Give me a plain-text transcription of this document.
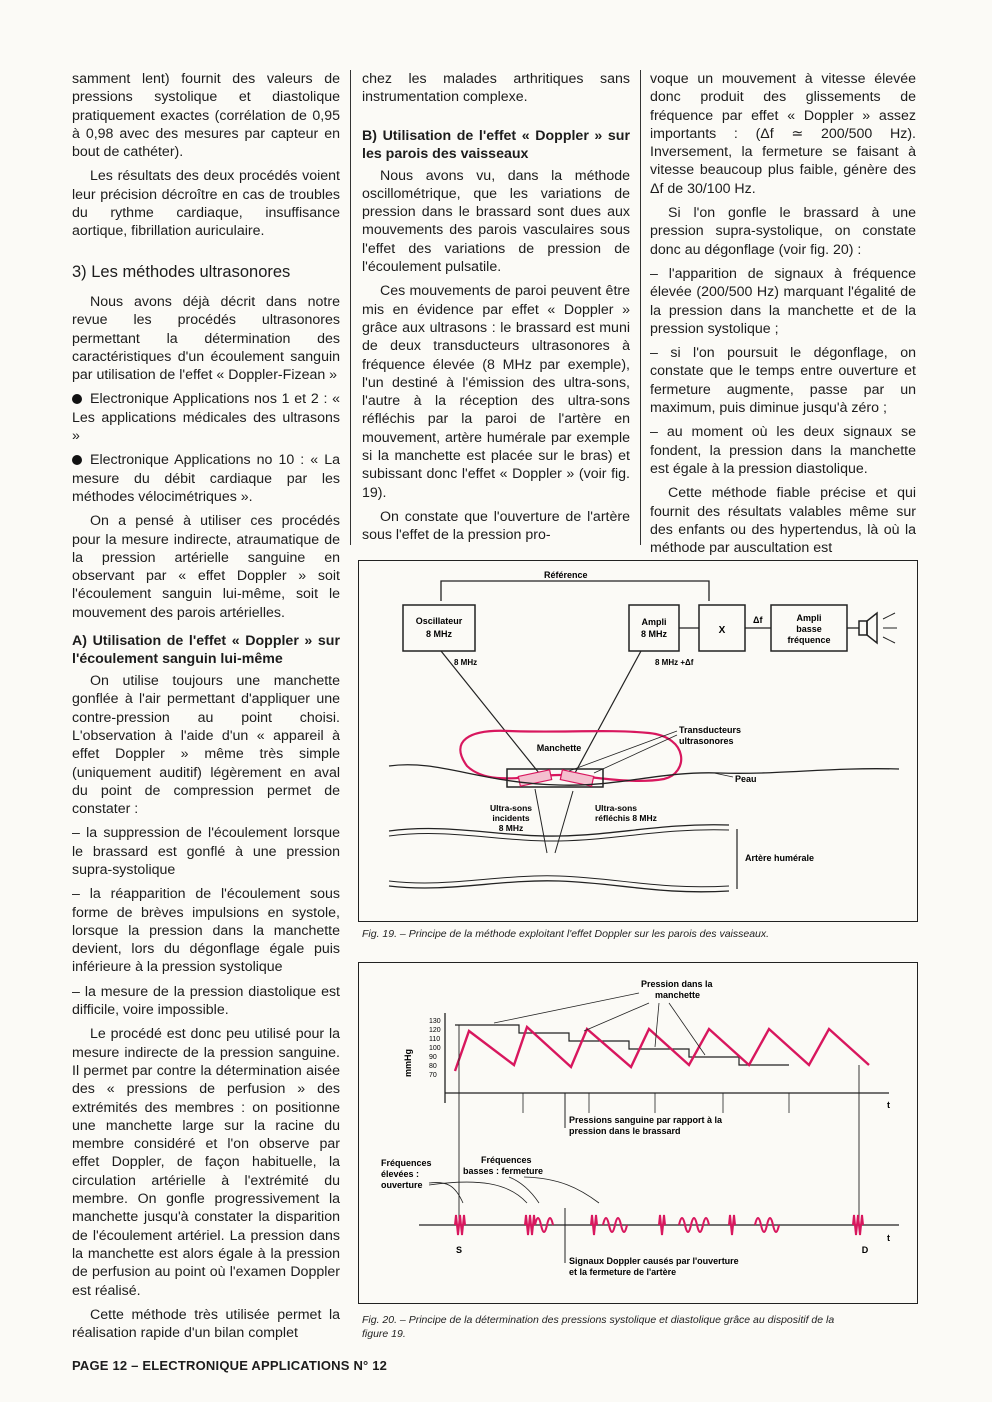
samment lent) fournit des valeurs de pressions systolique et diastolique pratiquement exactes (corrélation de 0,95 à 0,98 avec des mesures par capteur en bout de cathéter).

Les résultats des deux procédés voient leur précision décroître en cas de troubles du rythme cardiaque, insuffisance aortique, fibrillation auriculaire.

3) Les méthodes ultrasonores

Nous avons déjà décrit dans notre revue les procédés ultrasonores permettant la détermination des caractéristiques d'un écoulement sanguin par utilisation de l'effet « Doppler-Fizean »

Electronique Applications nos 1 et 2 : « Les applications médicales des ultrasons »

Electronique Applications no 10 : « La mesure du débit cardiaque par les méthodes vélocimétriques ».

On a pensé à utiliser ces procédés pour la mesure indirecte, atraumatique de la pression artérielle sanguine en observant par « effet Doppler » soit l'écoulement sanguin lui-même, soit le mouvement des parois artérielles.

A) Utilisation de l'effet « Doppler » sur l'écoulement sanguin lui-même

On utilise toujours une manchette gonflée à l'air permettant d'appliquer une contre-pression au point choisi. L'observation à l'aide d'un « appareil à effet Doppler » même très simple (uniquement auditif) légèrement en aval du point de compression permet de constater :

– la suppression de l'écoulement lorsque le brassard est gonflé à une pression supra-systolique

– la réapparition de l'écoulement sous forme de brèves impulsions en systole, lorsque la pression dans la manchette devient, lors du dégonflage égale puis inférieure à la pression systolique

– la mesure de la pression diastolique est difficile, voire impossible.

Le procédé est donc peu utilisé pour la mesure indirecte de la pression sanguine. Il permet par contre la détermination aisée des « pressions de perfusion » des extrémités des membres : on positionne une manchette large sur la racine du membre considéré et l'on observe par effet Doppler, de façon habituelle, la circulation artérielle à l'extrémité du membre. On gonfle progressivement la manchette jusqu'à constater la disparition de l'écoulement artériel. La pression dans la manchette est alors égale à la pression de perfusion au point où l'examen Doppler est réalisé.

Cette méthode très utilisée permet la réalisation rapide d'un bilan complet

chez les malades arthritiques sans instrumentation complexe.

B) Utilisation de l'effet « Doppler » sur les parois des vaisseaux

Nous avons vu, dans la méthode oscillométrique, que les variations de pression dans le brassard sont dues aux mouvements des parois vasculaires sous l'effet des variations de pression de l'écoulement pulsatile.

Ces mouvements de paroi peuvent être mis en évidence par effet « Doppler » grâce aux ultrasons : le brassard est muni de deux transducteurs ultrasonores à fréquence élevée (8 MHz par exemple), l'un destiné à l'émission des ultra-sons, l'autre à la réception des ultra-sons réfléchis par la paroi de l'artère en mouvement, artère humérale par exemple si la manchette est placée sur le bras) et subissant donc l'effet « Doppler » (voir fig. 19).

On constate que l'ouverture de l'artère sous l'effet de la pression pro-

voque un mouvement à vitesse élevée donc produit des glissements de fréquence par effet « Doppler » assez importants : (Δf ≃ 200/500 Hz). Inversement, la fermeture se faisant à vitesse beaucoup plus faible, génère des Δf de 30/100 Hz.

Si l'on gonfle le brassard à une pression supra-systolique, on constate donc au dégonflage (voir fig. 20) :

– l'apparition de signaux à fréquence élevée (200/500 Hz) marquant l'égalité de la pression dans la manchette et de la pression systolique ;

– si l'on poursuit le dégonflage, on constate que le temps entre ouverture et fermeture augmente, passe par un maximum, puis diminue jusqu'à zéro ;

– au moment où les deux signaux se fondent, la pression dans la manchette est égale à la pression diastolique.

Cette méthode fiable précise et qui fournit des résultats valables même sur des enfants ou des hypertendus, là où la méthode par auscultation est

Référence
Oscillateur
8 MHz
Ampli
8 MHz	X
Δf	Ampli
basse
fréquence
8 MHz	8 MHz +Δf
Manchette
Transducteurs
ultrasonores
Peau
Ultra-sons
incidents
8 MHz
Ultra-sons
réfléchis 8 MHz
Artère humérale
Fig. 19. – Principe de la méthode exploitant l'effet Doppler sur les parois des vaisseaux.
Pression dans la
manchette
mmHg
130
120
110
100
90
80
70
t
Pressions sanguine par rapport à la
pression dans le brassard
Fréquences
élevées :
ouverture
Fréquences
basses : fermeture
t
S	D
Signaux Doppler causés par l'ouverture
et la fermeture de l'artère
Fig. 20. – Principe de la détermination des pressions systolique et diastolique grâce au dispositif de la
figure 19.
PAGE 12 – ELECTRONIQUE APPLICATIONS N° 12
